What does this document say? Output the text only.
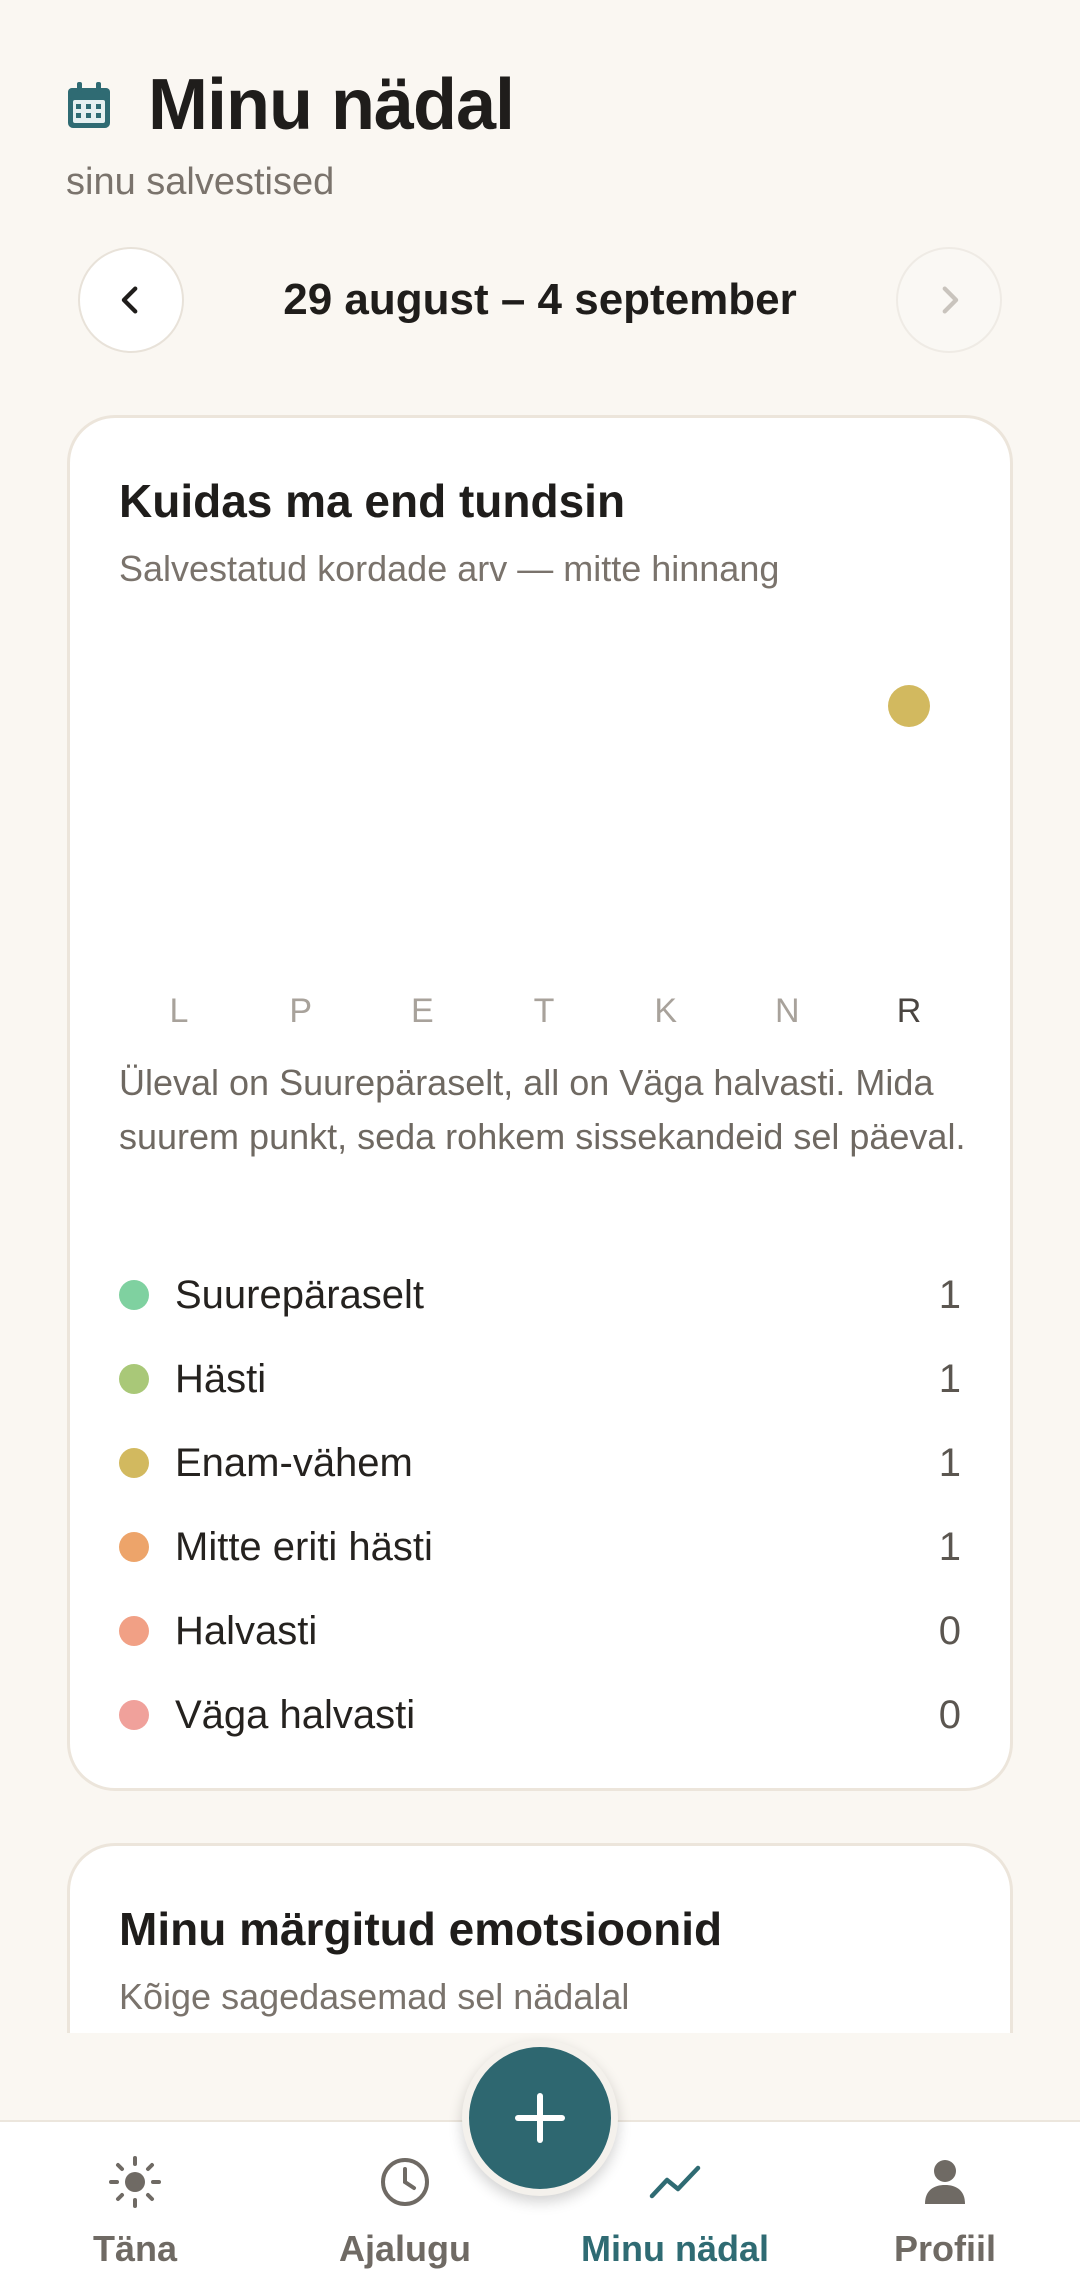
Minu nädal
sinu salvestised
29 august – 4 september
Kuidas ma end tundsin
Salvestatud kordade arv — mitte hinnang
L	P	E	T	K	N	R
Üleval on Suurepäraselt, all on Väga halvasti. Mida suurem punkt, seda rohkem sissekandeid sel päeval.
Suurepäraselt	1
Hästi	1
Enam-vähem	1
Mitte eriti hästi	1
Halvasti	0
Väga halvasti	0
Minu märgitud emotsioonid
Kõige sagedasemad sel nädalal
Täna	Ajalugu	Minu nädal	Profiil
